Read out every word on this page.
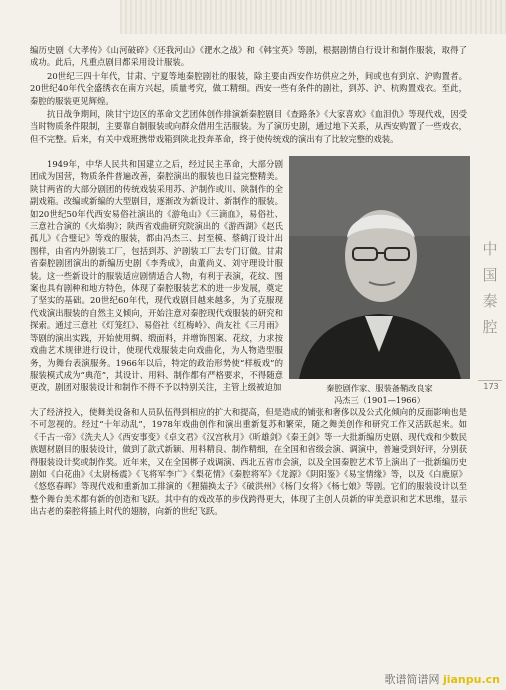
编历史剧《大孝传》《山河破碎》《还我河山》《淝水之战》和《韩宝英》等剧，根据剧情自行设计和制作服装，取得了成功。此后，凡重点剧目都采用设计服装。

20世纪三四十年代，甘肃、宁夏等地秦腔剧社的服装，除主要由西安作坊供应之外，间或也有到京、沪购置者。20世纪40年代全盛绣衣在南方兴起，质量考究，做工精细。西安一些有条件的剧社，到苏、沪、杭购置戏衣。至此，秦腔的服装更见辉煌。

抗日战争期间，陕甘宁边区的革命文艺团体创作排演新秦腔剧目《查路条》《大家喜欢》《血泪仇》等现代戏，因受当时物质条件限制，主要靠自制服装或向群众借用生活服装。为了演历史剧，通过地下关系，从西安购置了一些戏衣，但不完整。后来，有关中戏班携带戏箱到陕北投奔革命，终于使传统戏的演出有了比较完整的戏装。

1949年，中华人民共和国建立之后，经过民主革命，大部分剧团成为国营，物质条件普遍改善，秦腔演出的服装也日益完整精美。陕甘两省的大部分剧团的传统戏装采用苏、沪制作或川、陕制作的全副戏箱。改编或新编的大型剧目，逐渐改为新设计、新制作的服装。如20世纪50年代西安易俗社演出的《游龟山》《三滴血》，易俗社、三意社合演的《火焰驹》；陕西省戏曲研究院演出的《游西湖》《赵氏孤儿》《合璧记》等戏的服装，都由冯杰三、封至模、蔡鹤汀设计出图样，由省内外剧装工厂，包括到苏、沪剧装工厂去专门订做。甘肃省秦腔剧团演出的新编历史剧《李秀成》，由董尚义、刘守理设计服装。这一些新设计的服装适应剧情适合人物，有利于表演，花纹、图案也具有剧种和地方特色，体现了秦腔服装艺术的进一步发展，奠定了坚实的基础。20世纪60年代，现代戏剧目越来越多，为了克服现代戏演出服装的自然主义倾向，开始注意对秦腔现代戏服装的研究和探索。通过三意社《灯笼红》、易俗社《红梅岭》、尚友社《三月雨》等剧的演出实践，开始使用绸、缎面料，并增饰图案、花纹，力求按戏曲艺术规律进行设计，使现代戏服装走向戏曲化，为人物造型服务，为舞台表演服务。1966年以后，特定的政治形势使“样板戏”的服装模式成为“典范”，其设计、用料、制作都有严格要求，不得随意更改，剧团对服装设计和制作不得不予以特别关注，主管上级被迫加

大了经济投入，使舞美设备和人员队伍得到相应的扩大和提高，但是造成的铺张和奢侈以及公式化倾向的反面影响也是不可忽视的。经过“十年动乱”，1978年戏曲创作和演出重新复苏和繁荣，随之舞美创作和研究工作又活跃起来。如《千古一帝》《洗夫人》《西安事变》《卓文君》《汉宫秋月》《昕雄剑》《秦王剑》等一大批新编历史剧、现代戏和少数民族题材剧目的服装设计，做到了款式新颖、用料精良、制作精细，在全国和省级会演、调演中，普遍受到好评，分别获得服装设计奖或制作奖。近年来，又在全国梆子戏调演、西北五省市会演，以及全国秦腔艺术节上演出了一批新编历史剧如《白花曲》《太尉杨震》《飞将军李广》《梨花情》《秦腔将军》《龙源》《阴阳鉴》《易宝情缘》等，以及《白鹿原》《悠悠春晖》等现代戏和重新加工排演的《狸猫换太子》《破洪州》《杨门女将》《杨七娘》等剧。它们的服装设计以至整个舞台美术都有新的创造和飞跃。其中有的戏改革的步伐跨得更大，体现了主创人员新的审美意识和艺术思维，显示出古老的秦腔将插上时代的翅膀，向新的世纪飞跃。

秦腔剧作家、服装备鞘改良家
冯杰三（1901—1966）
中
国
秦
腔
173
歌谱简谱网 jianpu.cn
